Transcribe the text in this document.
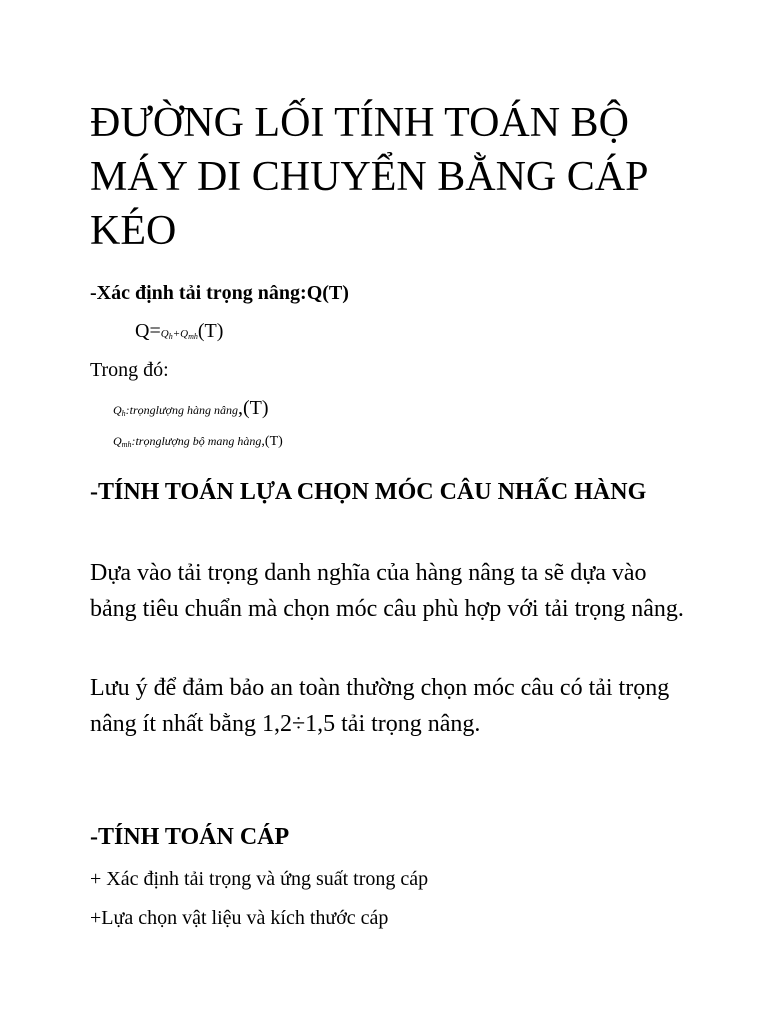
ĐƯỜNG LỐI TÍNH TOÁN BỘ MÁY DI CHUYỂN BẰNG CÁP KÉO

-Xác định tải trọng nâng:Q(T)

$Q=Q_h+Q_{mh}(T)$

Trong đó:

$Q_h:trọnglượng$ hàng nâng,(T)
$Q_{mh}:trọnglượng$ bộ mang hàng,(T)
-TÍNH TOÁN LỰA CHỌN MÓC CÂU NHẤC HÀNG

Dựa vào tải trọng danh nghĩa của hàng nâng ta sẽ dựa vào bảng tiêu chuẩn mà chọn móc câu phù hợp với tải trọng nâng.

Lưu ý để đảm bảo an toàn thường chọn móc câu có tải trọng nâng ít nhất bằng 1,2÷1,5 tải trọng nâng.

-TÍNH TOÁN CÁP

+ Xác định tải trọng và ứng suất trong cáp

+Lựa chọn vật liệu và kích thước cáp
